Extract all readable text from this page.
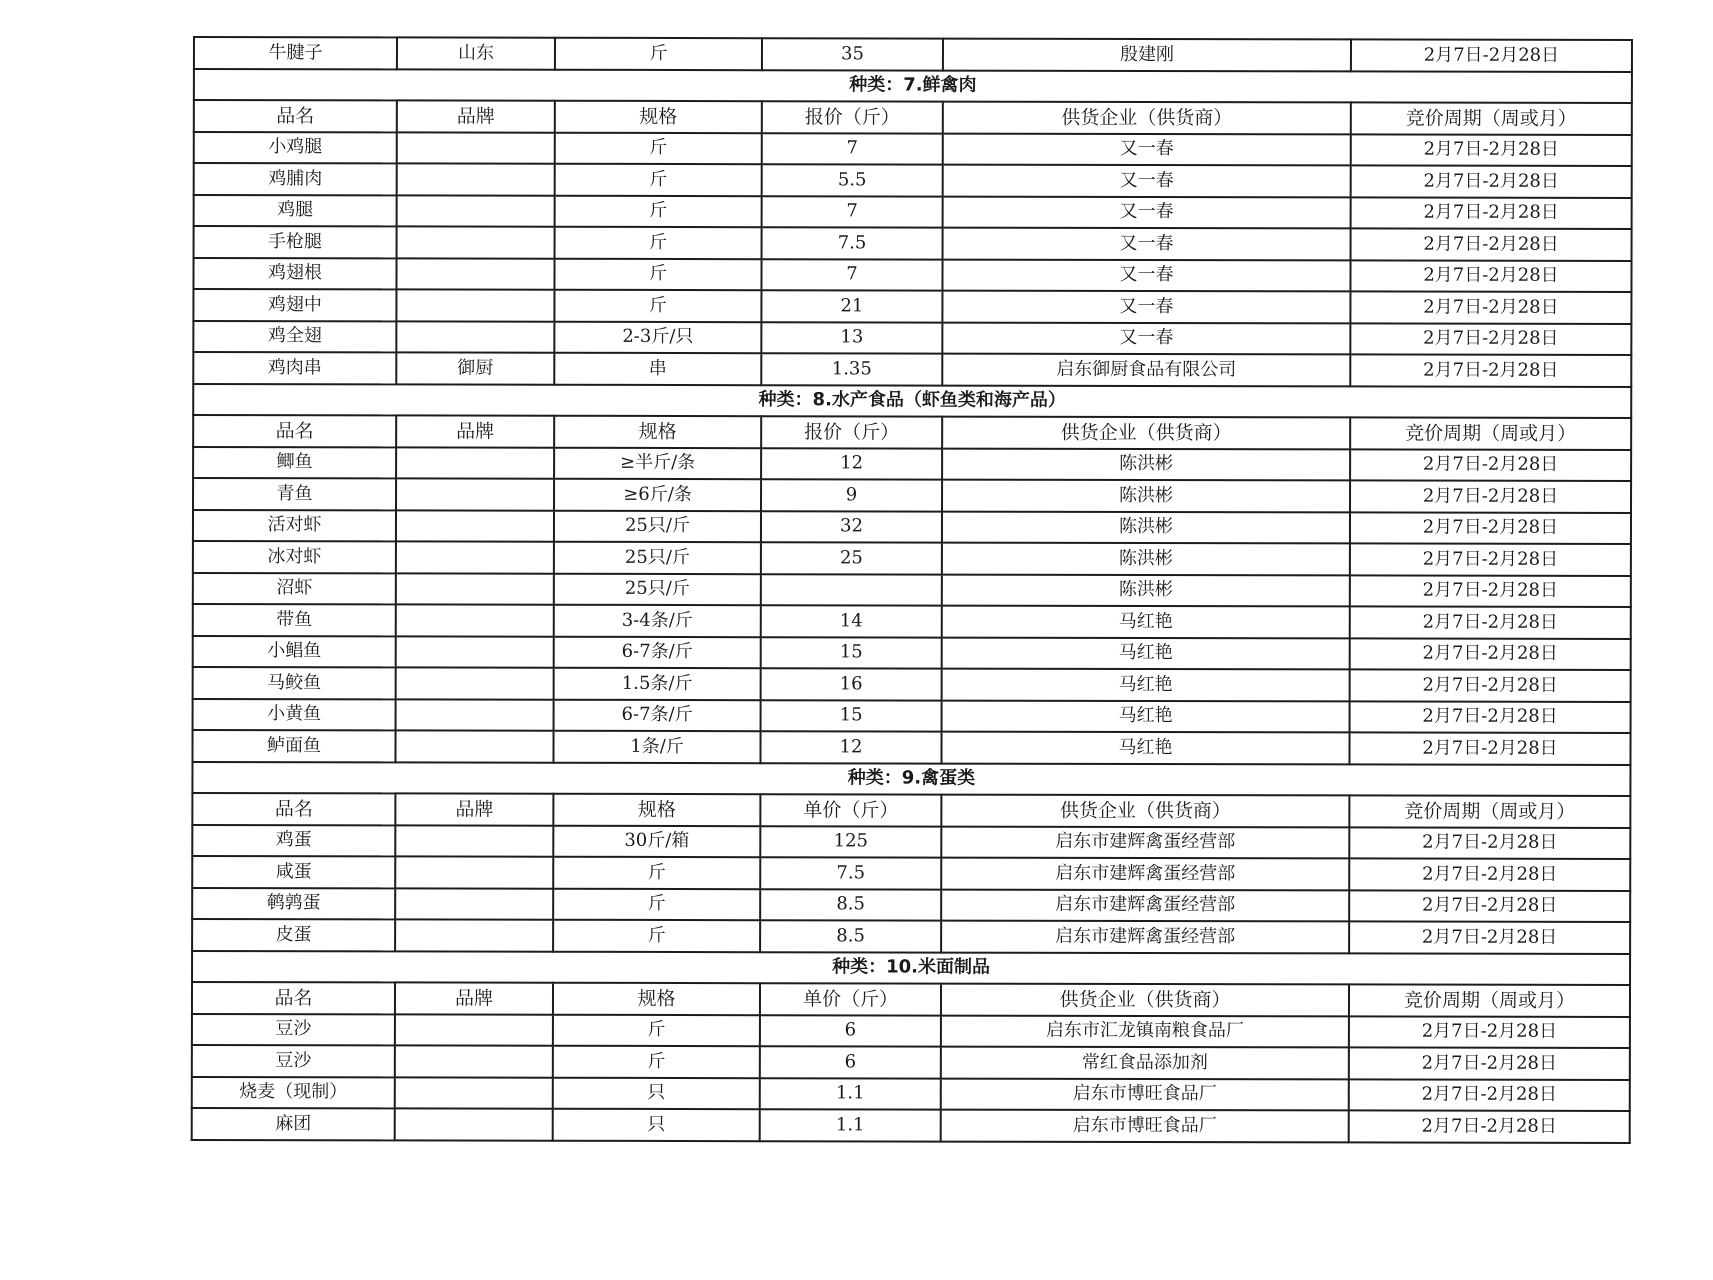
牛腱子	山东	斤	35	殷建刚	2月7日-2月28日
种类：7.鲜禽肉					
品名	品牌	规格	报价（斤）	供货企业（供货商）	竞价周期（周或月）
小鸡腿		斤	7	又一春	2月7日-2月28日
鸡脯肉		斤	5.5	又一春	2月7日-2月28日
鸡腿		斤	7	又一春	2月7日-2月28日
手枪腿		斤	7.5	又一春	2月7日-2月28日
鸡翅根		斤	7	又一春	2月7日-2月28日
鸡翅中		斤	21	又一春	2月7日-2月28日
鸡全翅		2-3斤/只	13	又一春	2月7日-2月28日
鸡肉串	御厨	串	1.35	启东御厨食品有限公司	2月7日-2月28日
种类：8.水产食品（虾鱼类和海产品）					
品名	品牌	规格	报价（斤）	供货企业（供货商）	竞价周期（周或月）
鲫鱼		≥半斤/条	12	陈洪彬	2月7日-2月28日
青鱼		≥6斤/条	9	陈洪彬	2月7日-2月28日
活对虾		25只/斤	32	陈洪彬	2月7日-2月28日
冰对虾		25只/斤	25	陈洪彬	2月7日-2月28日
沼虾		25只/斤		陈洪彬	2月7日-2月28日
带鱼		3-4条/斤	14	马红艳	2月7日-2月28日
小鲳鱼		6-7条/斤	15	马红艳	2月7日-2月28日
马鲛鱼		1.5条/斤	16	马红艳	2月7日-2月28日
小黄鱼		6-7条/斤	15	马红艳	2月7日-2月28日
鲈面鱼		1条/斤	12	马红艳	2月7日-2月28日
种类：9.禽蛋类					
品名	品牌	规格	单价（斤）	供货企业（供货商）	竞价周期（周或月）
鸡蛋		30斤/箱	125	启东市建辉禽蛋经营部	2月7日-2月28日
咸蛋		斤	7.5	启东市建辉禽蛋经营部	2月7日-2月28日
鹌鹑蛋		斤	8.5	启东市建辉禽蛋经营部	2月7日-2月28日
皮蛋		斤	8.5	启东市建辉禽蛋经营部	2月7日-2月28日
种类：10.米面制品					
品名	品牌	规格	单价（斤）	供货企业（供货商）	竞价周期（周或月）
豆沙		斤	6	启东市汇龙镇南粮食品厂	2月7日-2月28日
豆沙		斤	6	常红食品添加剂	2月7日-2月28日
烧麦（现制）		只	1.1	启东市博旺食品厂	2月7日-2月28日
麻团		只	1.1	启东市博旺食品厂	2月7日-2月28日
